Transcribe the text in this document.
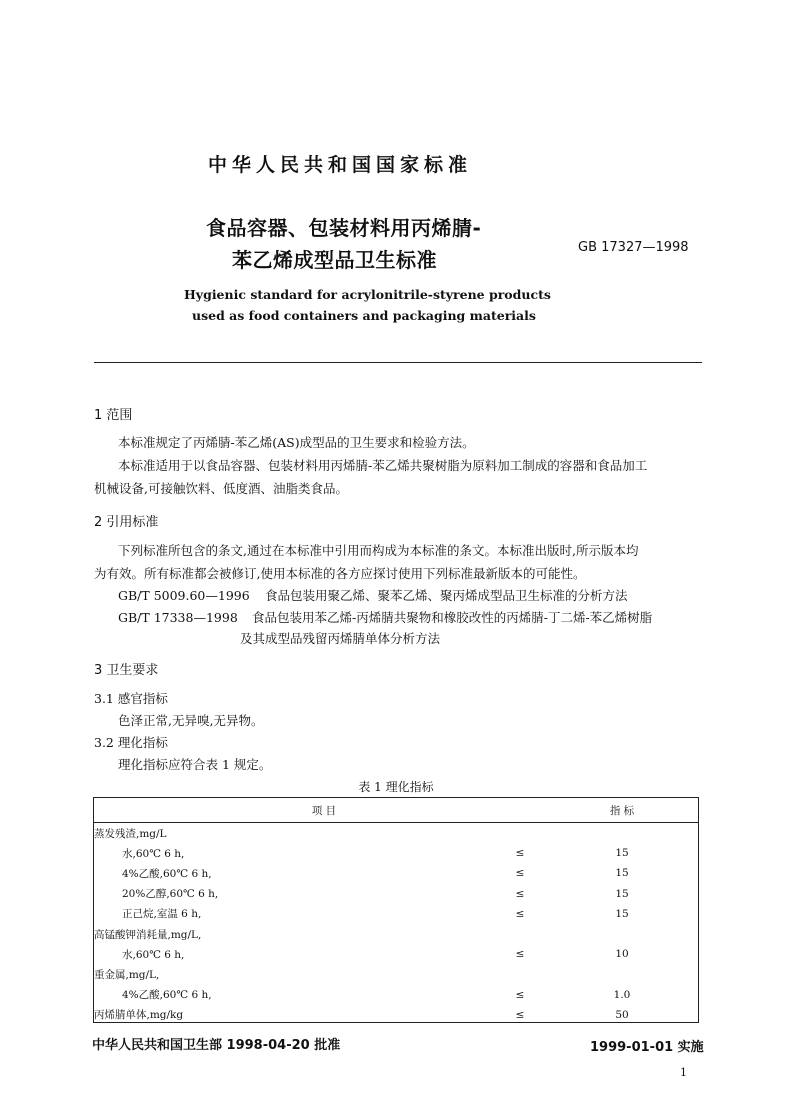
中华人民共和国国家标准
食品容器、包装材料用丙烯腈-
苯乙烯成型品卫生标准
GB 17327—1998
Hygienic standard for acrylonitrile-styrene products
used as food containers and packaging materials
1 范围
本标准规定了丙烯腈-苯乙烯(AS)成型品的卫生要求和检验方法。
本标准适用于以食品容器、包装材料用丙烯腈-苯乙烯共聚树脂为原料加工制成的容器和食品加工
机械设备,可接触饮料、低度酒、油脂类食品。
2 引用标准
下列标准所包含的条文,通过在本标准中引用而构成为本标准的条文。本标准出版时,所示版本均
为有效。所有标准都会被修订,使用本标准的各方应探讨使用下列标准最新版本的可能性。
GB/T 5009.60—1996 食品包装用聚乙烯、聚苯乙烯、聚丙烯成型品卫生标准的分析方法
GB/T 17338—1998 食品包装用苯乙烯-丙烯腈共聚物和橡胶改性的丙烯腈-丁二烯-苯乙烯树脂
及其成型品残留丙烯腈单体分析方法
3 卫生要求
3.1 感官指标
色泽正常,无异嗅,无异物。
3.2 理化指标
理化指标应符合表 1 规定。
表 1 理化指标
项 目		指 标
蒸发残渣,mg/L		
水,60℃ 6 h,	≤	15
4%乙酸,60℃ 6 h,	≤	15
20%乙醇,60℃ 6 h,	≤	15
正己烷,室温 6 h,	≤	15
高锰酸钾消耗量,mg/L,		
水,60℃ 6 h,	≤	10
重金属,mg/L,		
4%乙酸,60℃ 6 h,	≤	1.0
丙烯腈单体,mg/kg	≤	50
中华人民共和国卫生部 1998-04-20 批准	1999-01-01 实施
1
